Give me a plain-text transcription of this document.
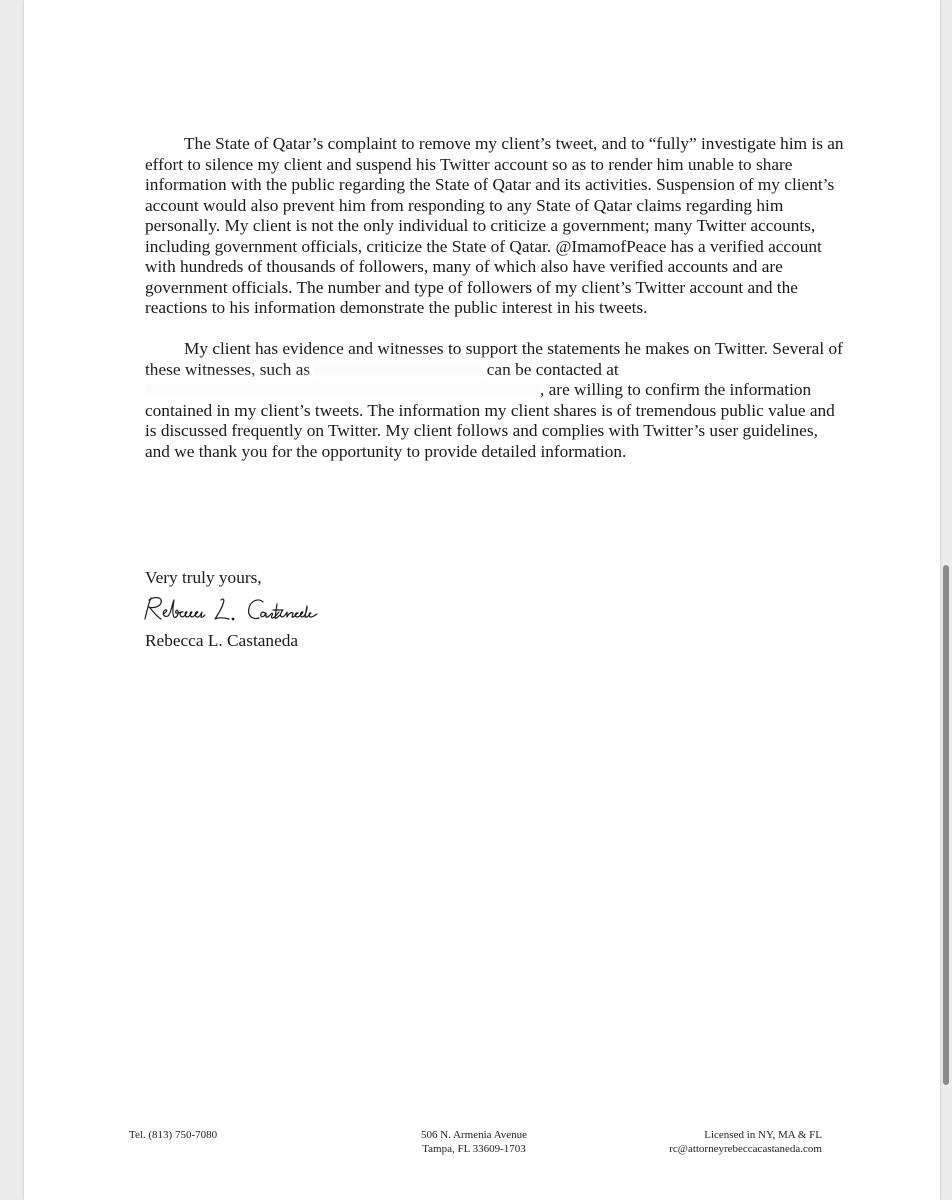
The State of Qatar’s complaint to remove my client’s tweet, and to “fully” investigate him is an effort to silence my client and suspend his Twitter account so as to render him unable to share information with the public regarding the State of Qatar and its activities. Suspension of my client’s account would also prevent him from responding to any State of Qatar claims regarding him personally. My client is not the only individual to criticize a government; many Twitter accounts, including government officials, criticize the State of Qatar. @ImamofPeace has a verified account with hundreds of thousands of followers, many of which also have verified accounts and are government officials. The number and type of followers of my client’s Twitter account and the reactions to his information demonstrate the public interest in his tweets.

My client has evidence and witnesses to support the statements he makes on Twitter. Several of these witnesses, such as	can be contacted at , are willing to confirm the information contained in my client’s tweets. The information my client shares is of tremendous public value and is discussed frequently on Twitter. My client follows and complies with Twitter’s user guidelines, and we thank you for the opportunity to provide detailed information.

Very truly yours,
Rebecca L. Castaneda
Tel. (813) 750-7080	506 N. Armenia Avenue
Tampa, FL 33609-1703
Licensed in NY, MA & FL
rc@attorneyrebeccacastaneda.com
